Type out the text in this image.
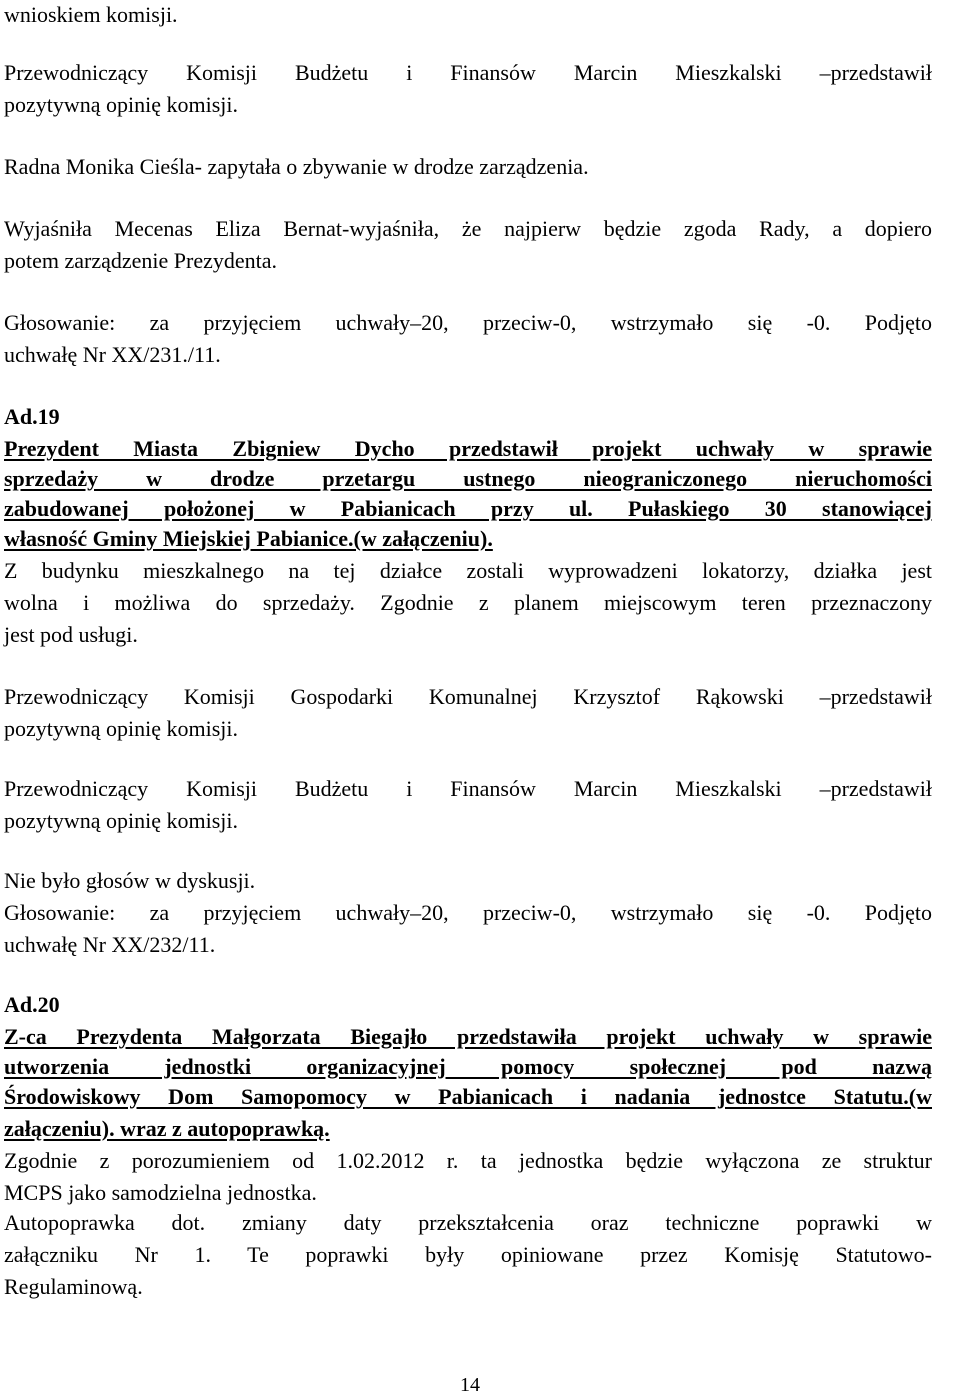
wnioskiem komisji.
Przewodniczący Komisji Budżetu i Finansów Marcin Mieszkalski –przedstawił
pozytywną opinię komisji.
Radna Monika Cieśla- zapytała o zbywanie w drodze zarządzenia.
Wyjaśniła Mecenas Eliza Bernat-wyjaśniła, że najpierw będzie zgoda Rady, a dopiero
potem zarządzenie Prezydenta.
Głosowanie: za przyjęciem uchwały–20, przeciw-0, wstrzymało się -0. Podjęto
uchwałę Nr XX/231./11.
Ad.19
Prezydent Miasta Zbigniew Dycho przedstawił projekt uchwały w sprawie
sprzedaży w drodze przetargu ustnego nieograniczonego nieruchomości
zabudowanej położonej w Pabianicach przy ul. Pułaskiego 30 stanowiącej
własność Gminy Miejskiej Pabianice.(w załączeniu).
Z budynku mieszkalnego na tej działce zostali wyprowadzeni lokatorzy, działka jest
wolna i możliwa do sprzedaży. Zgodnie z planem miejscowym teren przeznaczony
jest pod usługi.
Przewodniczący Komisji Gospodarki Komunalnej Krzysztof Rąkowski –przedstawił
pozytywną opinię komisji.
Przewodniczący Komisji Budżetu i Finansów Marcin Mieszkalski –przedstawił
pozytywną opinię komisji.
Nie było głosów w dyskusji.
Głosowanie: za przyjęciem uchwały–20, przeciw-0, wstrzymało się -0. Podjęto
uchwałę Nr XX/232/11.
Ad.20
Z-ca Prezydenta Małgorzata Biegajło przedstawiła projekt uchwały w sprawie
utworzenia jednostki organizacyjnej pomocy społecznej pod nazwą
Środowiskowy Dom Samopomocy w Pabianicach i nadania jednostce Statutu.(w
załączeniu). wraz z autopoprawką.
Zgodnie z porozumieniem od 1.02.2012 r. ta jednostka będzie wyłączona ze struktur
MCPS jako samodzielna jednostka.
Autopoprawka dot. zmiany daty przekształcenia oraz techniczne poprawki w
załączniku Nr 1. Te poprawki były opiniowane przez Komisję Statutowo-
Regulaminową.
14
